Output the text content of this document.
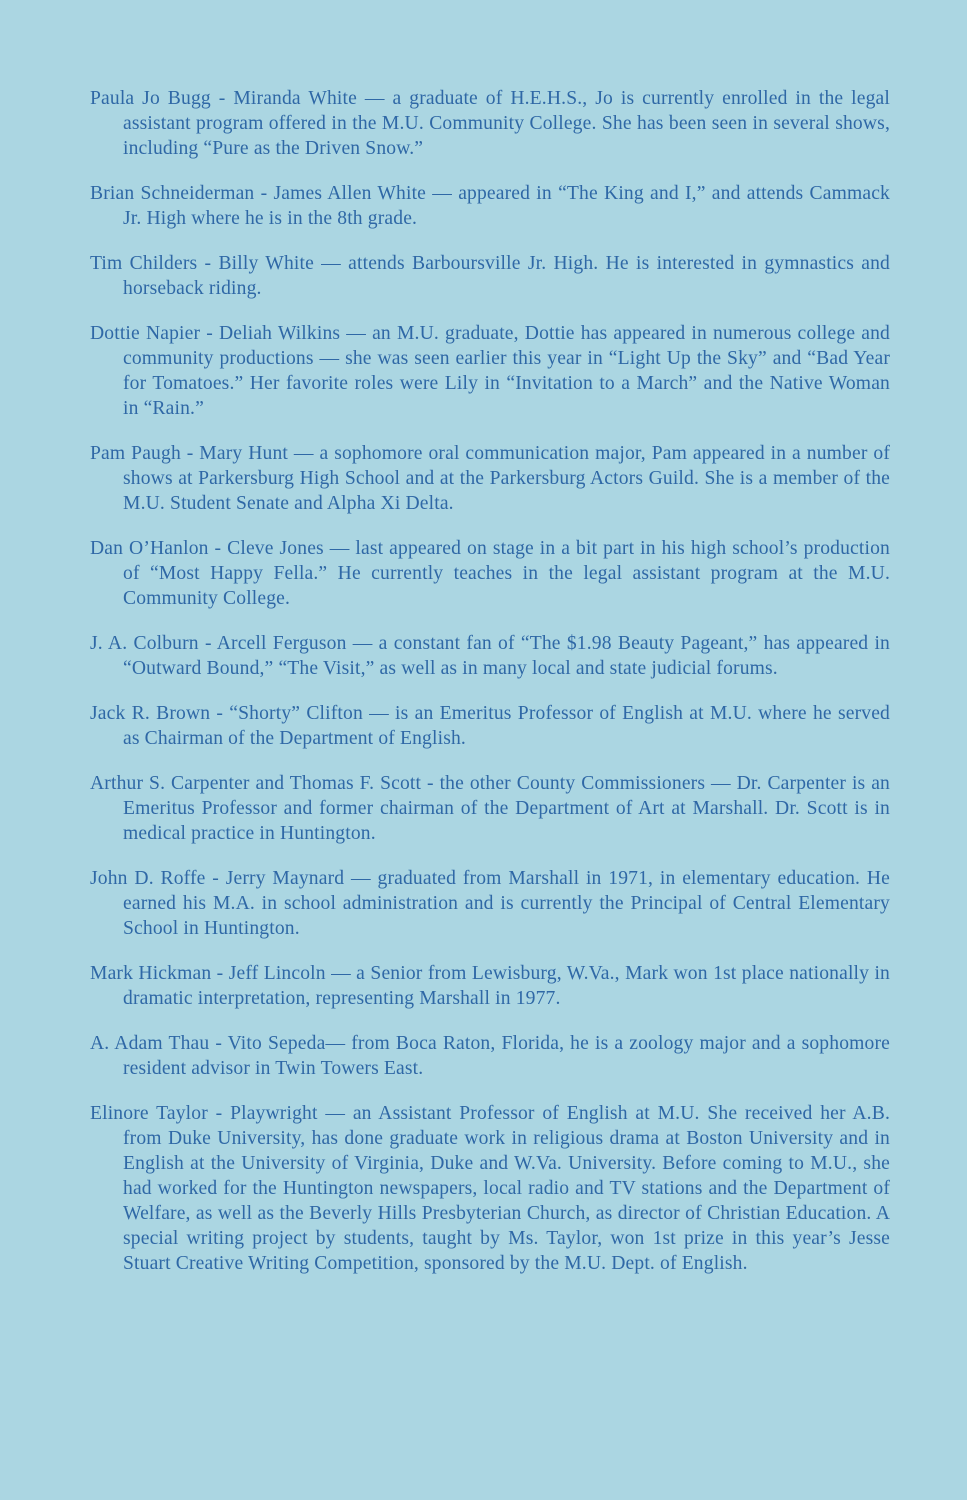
Paula Jo Bugg - Miranda White — a graduate of H.E.H.S., Jo is currently enrolled in the legal assistant program offered in the M.U. Community College. She has been seen in several shows, including “Pure as the Driven Snow.”

Brian Schneiderman - James Allen White — appeared in “The King and I,” and attends Cammack Jr. High where he is in the 8th grade.

Tim Childers - Billy White — attends Barboursville Jr. High. He is interested in gymnastics and horseback riding.

Dottie Napier - Deliah Wilkins — an M.U. graduate, Dottie has appeared in numerous college and community productions — she was seen earlier this year in “Light Up the Sky” and “Bad Year for Tomatoes.” Her favorite roles were Lily in “Invitation to a March” and the Native Woman in “Rain.”

Pam Paugh - Mary Hunt — a sophomore oral communication major, Pam appeared in a number of shows at Parkersburg High School and at the Parkersburg Actors Guild. She is a member of the M.U. Student Senate and Alpha Xi Delta.

Dan O’Hanlon - Cleve Jones — last appeared on stage in a bit part in his high school’s production of “Most Happy Fella.” He currently teaches in the legal assistant program at the M.U. Community College.

J. A. Colburn - Arcell Ferguson — a constant fan of “The $1.98 Beauty Pageant,” has appeared in “Outward Bound,” “The Visit,” as well as in many local and state judicial forums.

Jack R. Brown - “Shorty” Clifton — is an Emeritus Professor of English at M.U. where he served as Chairman of the Department of English.

Arthur S. Carpenter and Thomas F. Scott - the other County Commissioners — Dr. Carpenter is an Emeritus Professor and former chairman of the Department of Art at Marshall. Dr. Scott is in medical practice in Huntington.

John D. Roffe - Jerry Maynard — graduated from Marshall in 1971, in elementary education. He earned his M.A. in school administration and is currently the Principal of Central Elementary School in Huntington.

Mark Hickman - Jeff Lincoln — a Senior from Lewisburg, W.Va., Mark won 1st place nationally in dramatic interpretation, representing Marshall in 1977.

A. Adam Thau - Vito Sepeda— from Boca Raton, Florida, he is a zoology major and a sophomore resident advisor in Twin Towers East.

Elinore Taylor - Playwright — an Assistant Professor of English at M.U. She received her A.B. from Duke University, has done graduate work in religious drama at Boston University and in English at the University of Virginia, Duke and W.Va. University. Before coming to M.U., she had worked for the Huntington newspapers, local radio and TV stations and the Department of Welfare, as well as the Beverly Hills Presbyterian Church, as director of Christian Education. A special writing project by students, taught by Ms. Taylor, won 1st prize in this year’s Jesse Stuart Creative Writing Competition, sponsored by the M.U. Dept. of English.
